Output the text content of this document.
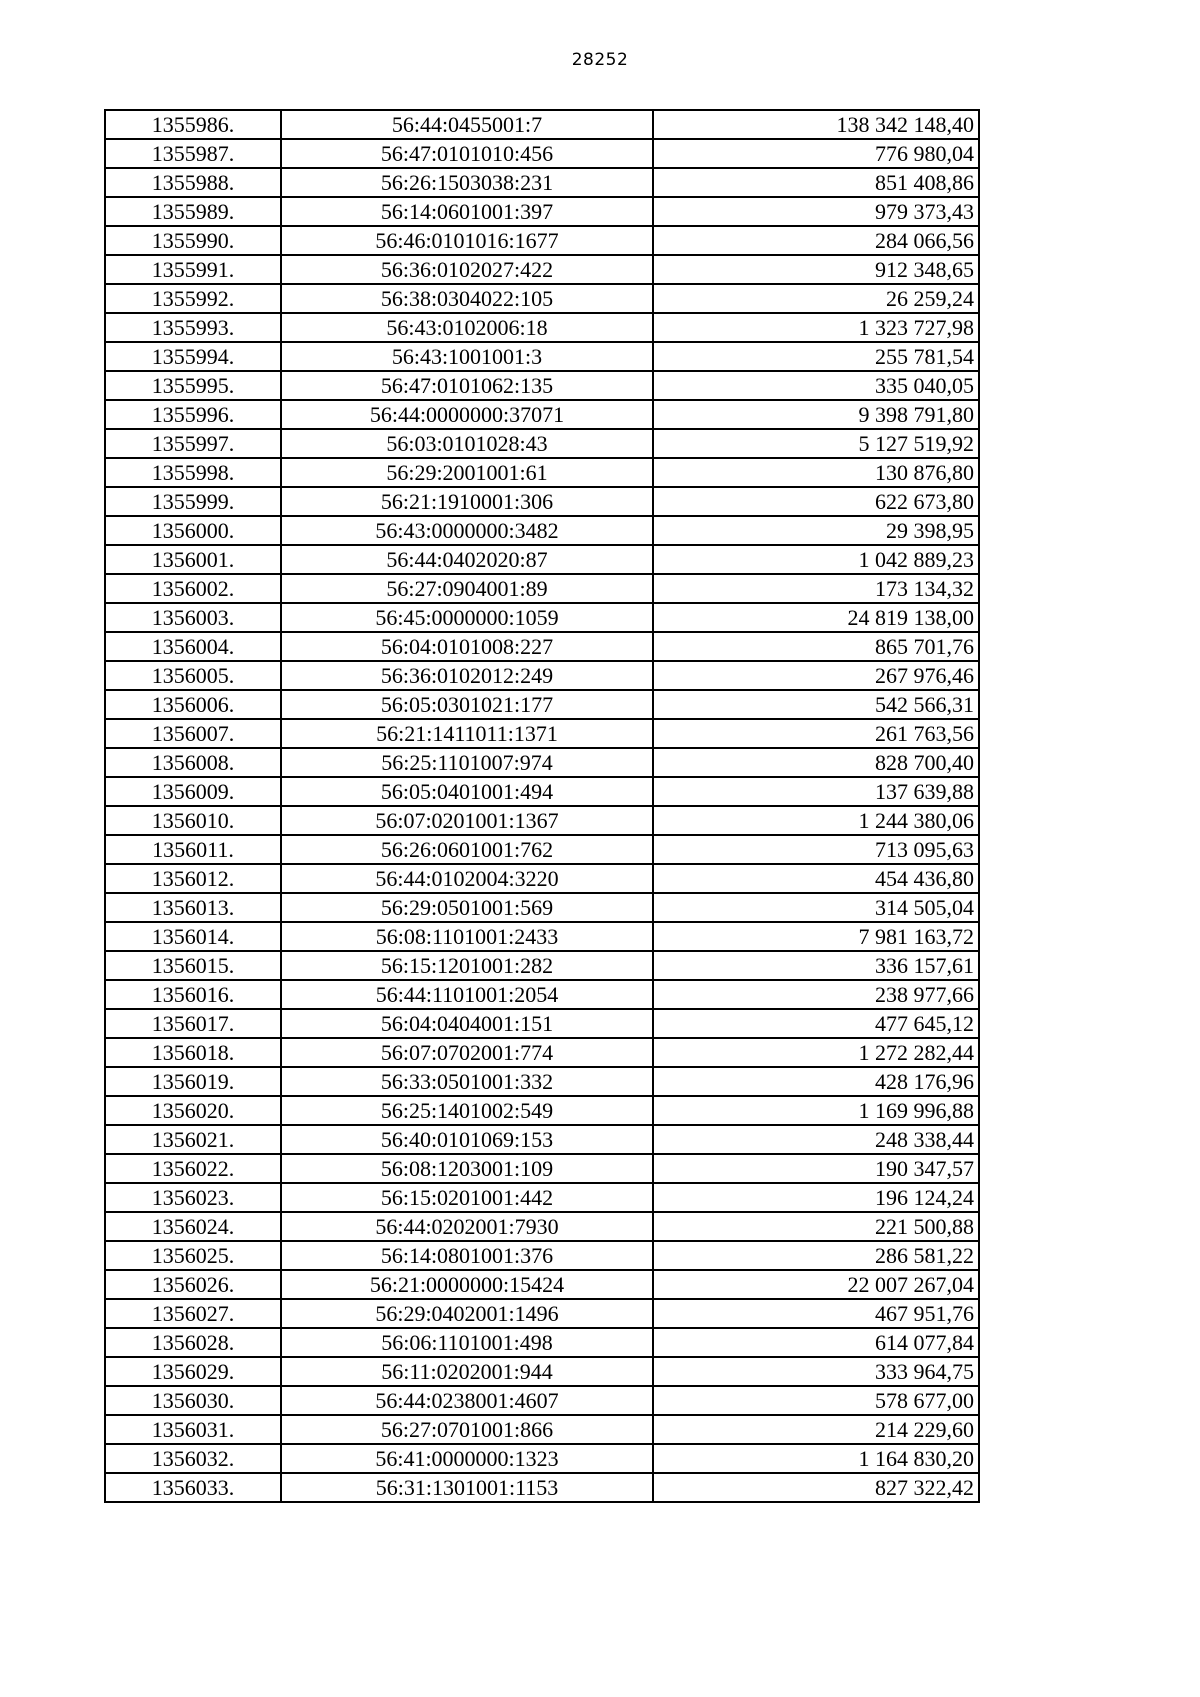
28252
1355986.	56:44:0455001:7	138 342 148,40
1355987.	56:47:0101010:456	776 980,04
1355988.	56:26:1503038:231	851 408,86
1355989.	56:14:0601001:397	979 373,43
1355990.	56:46:0101016:1677	284 066,56
1355991.	56:36:0102027:422	912 348,65
1355992.	56:38:0304022:105	26 259,24
1355993.	56:43:0102006:18	1 323 727,98
1355994.	56:43:1001001:3	255 781,54
1355995.	56:47:0101062:135	335 040,05
1355996.	56:44:0000000:37071	9 398 791,80
1355997.	56:03:0101028:43	5 127 519,92
1355998.	56:29:2001001:61	130 876,80
1355999.	56:21:1910001:306	622 673,80
1356000.	56:43:0000000:3482	29 398,95
1356001.	56:44:0402020:87	1 042 889,23
1356002.	56:27:0904001:89	173 134,32
1356003.	56:45:0000000:1059	24 819 138,00
1356004.	56:04:0101008:227	865 701,76
1356005.	56:36:0102012:249	267 976,46
1356006.	56:05:0301021:177	542 566,31
1356007.	56:21:1411011:1371	261 763,56
1356008.	56:25:1101007:974	828 700,40
1356009.	56:05:0401001:494	137 639,88
1356010.	56:07:0201001:1367	1 244 380,06
1356011.	56:26:0601001:762	713 095,63
1356012.	56:44:0102004:3220	454 436,80
1356013.	56:29:0501001:569	314 505,04
1356014.	56:08:1101001:2433	7 981 163,72
1356015.	56:15:1201001:282	336 157,61
1356016.	56:44:1101001:2054	238 977,66
1356017.	56:04:0404001:151	477 645,12
1356018.	56:07:0702001:774	1 272 282,44
1356019.	56:33:0501001:332	428 176,96
1356020.	56:25:1401002:549	1 169 996,88
1356021.	56:40:0101069:153	248 338,44
1356022.	56:08:1203001:109	190 347,57
1356023.	56:15:0201001:442	196 124,24
1356024.	56:44:0202001:7930	221 500,88
1356025.	56:14:0801001:376	286 581,22
1356026.	56:21:0000000:15424	22 007 267,04
1356027.	56:29:0402001:1496	467 951,76
1356028.	56:06:1101001:498	614 077,84
1356029.	56:11:0202001:944	333 964,75
1356030.	56:44:0238001:4607	578 677,00
1356031.	56:27:0701001:866	214 229,60
1356032.	56:41:0000000:1323	1 164 830,20
1356033.	56:31:1301001:1153	827 322,42
